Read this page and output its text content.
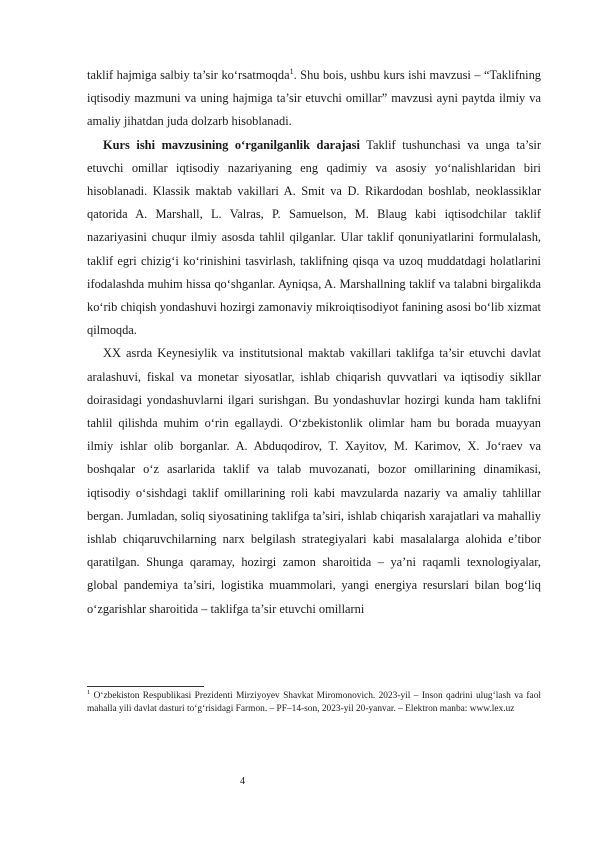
taklif hajmiga salbiy ta’sir ko‘rsatmoqda$^1$. Shu bois, ushbu kurs ishi mavzusi – “Taklifning iqtisodiy mazmuni va uning hajmiga ta’sir etuvchi omillar” mavzusi ayni paytda ilmiy va amaliy jihatdan juda dolzarb hisoblanadi.

Kurs ishi mavzusining o‘rganilganlik darajasi Taklif tushunchasi va unga ta’sir etuvchi omillar iqtisodiy nazariyaning eng qadimiy va asosiy yo‘nalishlaridan biri hisoblanadi. Klassik maktab vakillari A. Smit va D. Rikardodan boshlab, neoklassiklar qatorida A. Marshall, L. Valras, P. Samuelson, M. Blaug kabi iqtisodchilar taklif nazariyasini chuqur ilmiy asosda tahlil qilganlar. Ular taklif qonuniyatlarini formulalash, taklif egri chizig‘i ko‘rinishini tasvirlash, taklifning qisqa va uzoq muddatdagi holatlarini ifodalashda muhim hissa qo‘shganlar. Ayniqsa, A. Marshallning taklif va talabni birgalikda ko‘rib chiqish yondashuvi hozirgi zamonaviy mikroiqtisodiyot fanining asosi bo‘lib xizmat qilmoqda.

XX asrda Keynesiylik va institutsional maktab vakillari taklifga ta’sir etuvchi davlat aralashuvi, fiskal va monetar siyosatlar, ishlab chiqarish quvvatlari va iqtisodiy sikllar doirasidagi yondashuvlarni ilgari surishgan. Bu yondashuvlar hozirgi kunda ham taklifni tahlil qilishda muhim o‘rin egallaydi. O‘zbekistonlik olimlar ham bu borada muayyan ilmiy ishlar olib borganlar. A. Abduqodirov, T. Xayitov, M. Karimov, X. Jo‘raev va boshqalar o‘z asarlarida taklif va talab muvozanati, bozor omillarining dinamikasi, iqtisodiy o‘sishdagi taklif omillarining roli kabi mavzularda nazariy va amaliy tahlillar bergan. Jumladan, soliq siyosatining taklifga ta’siri, ishlab chiqarish xarajatlari va mahalliy ishlab chiqaruvchilarning narx belgilash strategiyalari kabi masalalarga alohida e’tibor qaratilgan. Shunga qaramay, hozirgi zamon sharoitida – ya’ni raqamli texnologiyalar, global pandemiya ta’siri, logistika muammolari, yangi energiya resurslari bilan bog‘liq o‘zgarishlar sharoitida – taklifga ta’sir etuvchi omillarni

$^1$ O‘zbekiston Respublikasi Prezidenti Mirziyoyev Shavkat Miromonovich. 2023-yil – Inson qadrini ulug‘lash va faol mahalla yili davlat dasturi to‘g‘risidagi Farmon. – PF–14-son, 2023-yil 20-yanvar. – Elektron manba: www.lex.uz

4
